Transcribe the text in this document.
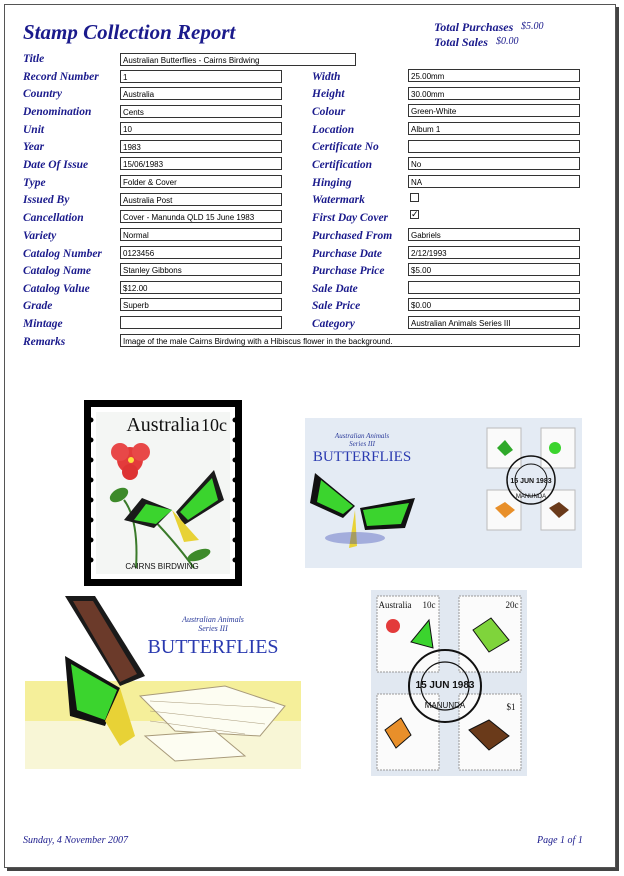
Stamp Collection Report	Total Purchases $5.00
Total Sales $0.00
Title	Australian Butterflies - Cairns Birdwing
Record Number	1
Country	Australia
Denomination	Cents
Unit	10
Year	1983
Date Of Issue	15/06/1983
Type	Folder & Cover
Issued By	Australia Post
Cancellation	Cover - Manunda QLD 15 June 1983
Variety	Normal
Catalog Number	0123456
Catalog Name	Stanley Gibbons
Catalog Value	$12.00
Grade	Superb
Mintage
Remarks	Image of the male Cairns Birdwing with a Hibiscus flower in the background.
Width	25.00mm
Height	30.00mm
Colour	Green-White
Location	Album 1
Certificate No
Certification	No
Hinging	NA
Watermark
First Day Cover	✓
Purchased From	Gabriels
Purchase Date	2/12/1993
Purchase Price	$5.00
Sale Date
Sale Price	$0.00
Category	Australian Animals Series III
Australia 10c
CAIRNS BIRDWING
Australian Animals
Series III
BUTTERFLIES
15 JUN 1983
MANUNDA
Australian Animals
Series III
BUTTERFLIES
Australia 10c	20c
$1
15 JUN 1983
MANUNDA
Sunday, 4 November 2007	Page 1 of 1
